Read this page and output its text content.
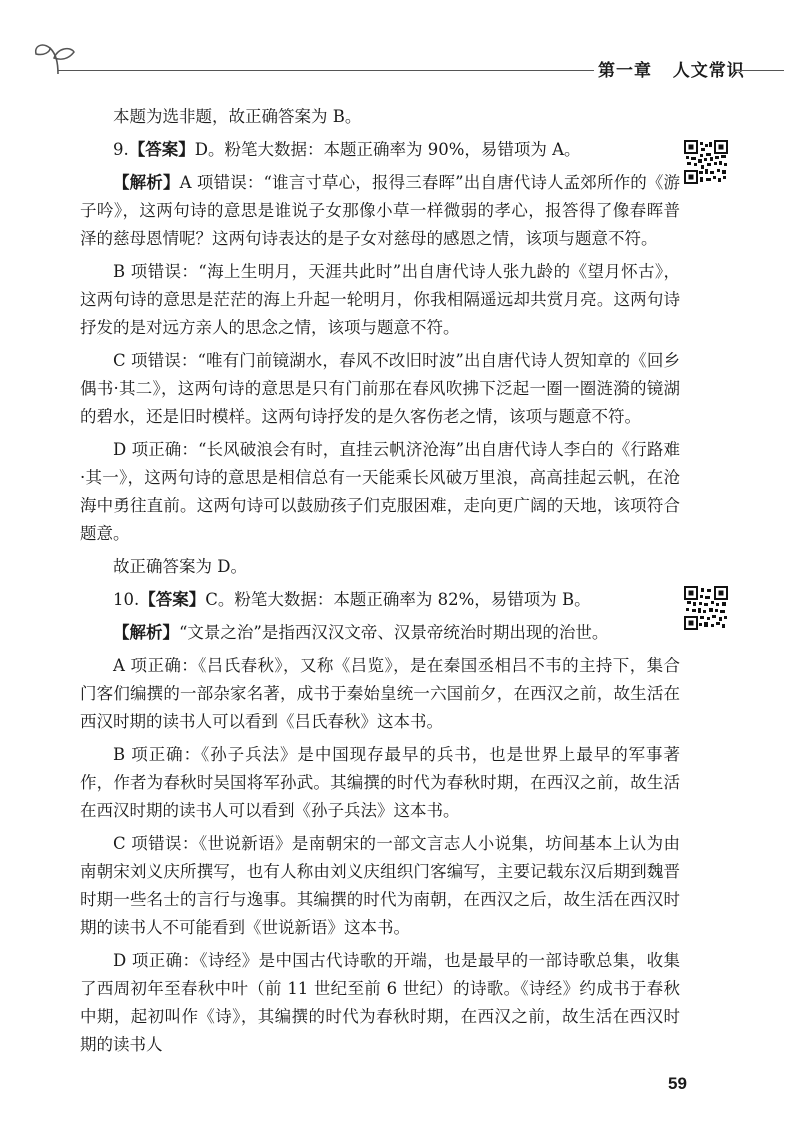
第一章 人文常识

本题为选非题，故正确答案为 B。

9.【答案】D。粉笔大数据：本题正确率为 90%，易错项为 A。

【解析】A 项错误：“谁言寸草心，报得三春晖”出自唐代诗人孟郊所作的《游子吟》，这两句诗的意思是谁说子女那像小草一样微弱的孝心，报答得了像春晖普泽的慈母恩情呢？这两句诗表达的是子女对慈母的感恩之情，该项与题意不符。

B 项错误：“海上生明月，天涯共此时”出自唐代诗人张九龄的《望月怀古》，这两句诗的意思是茫茫的海上升起一轮明月，你我相隔遥远却共赏月亮。这两句诗抒发的是对远方亲人的思念之情，该项与题意不符。

C 项错误：“唯有门前镜湖水，春风不改旧时波”出自唐代诗人贺知章的《回乡偶书·其二》，这两句诗的意思是只有门前那在春风吹拂下泛起一圈一圈涟漪的镜湖的碧水，还是旧时模样。这两句诗抒发的是久客伤老之情，该项与题意不符。

D 项正确：“长风破浪会有时，直挂云帆济沧海”出自唐代诗人李白的《行路难·其一》，这两句诗的意思是相信总有一天能乘长风破万里浪，高高挂起云帆，在沧海中勇往直前。这两句诗可以鼓励孩子们克服困难，走向更广阔的天地，该项符合题意。

故正确答案为 D。

10.【答案】C。粉笔大数据：本题正确率为 82%，易错项为 B。

【解析】“文景之治”是指西汉汉文帝、汉景帝统治时期出现的治世。

A 项正确：《吕氏春秋》，又称《吕览》，是在秦国丞相吕不韦的主持下，集合门客们编撰的一部杂家名著，成书于秦始皇统一六国前夕，在西汉之前，故生活在西汉时期的读书人可以看到《吕氏春秋》这本书。

B 项正确：《孙子兵法》是中国现存最早的兵书，也是世界上最早的军事著作，作者为春秋时吴国将军孙武。其编撰的时代为春秋时期，在西汉之前，故生活在西汉时期的读书人可以看到《孙子兵法》这本书。

C 项错误：《世说新语》是南朝宋的一部文言志人小说集，坊间基本上认为由南朝宋刘义庆所撰写，也有人称由刘义庆组织门客编写，主要记载东汉后期到魏晋时期一些名士的言行与逸事。其编撰的时代为南朝，在西汉之后，故生活在西汉时期的读书人不可能看到《世说新语》这本书。

D 项正确：《诗经》是中国古代诗歌的开端，也是最早的一部诗歌总集，收集了西周初年至春秋中叶（前 11 世纪至前 6 世纪）的诗歌。《诗经》约成书于春秋中期，起初叫作《诗》，其编撰的时代为春秋时期，在西汉之前，故生活在西汉时期的读书人

59
